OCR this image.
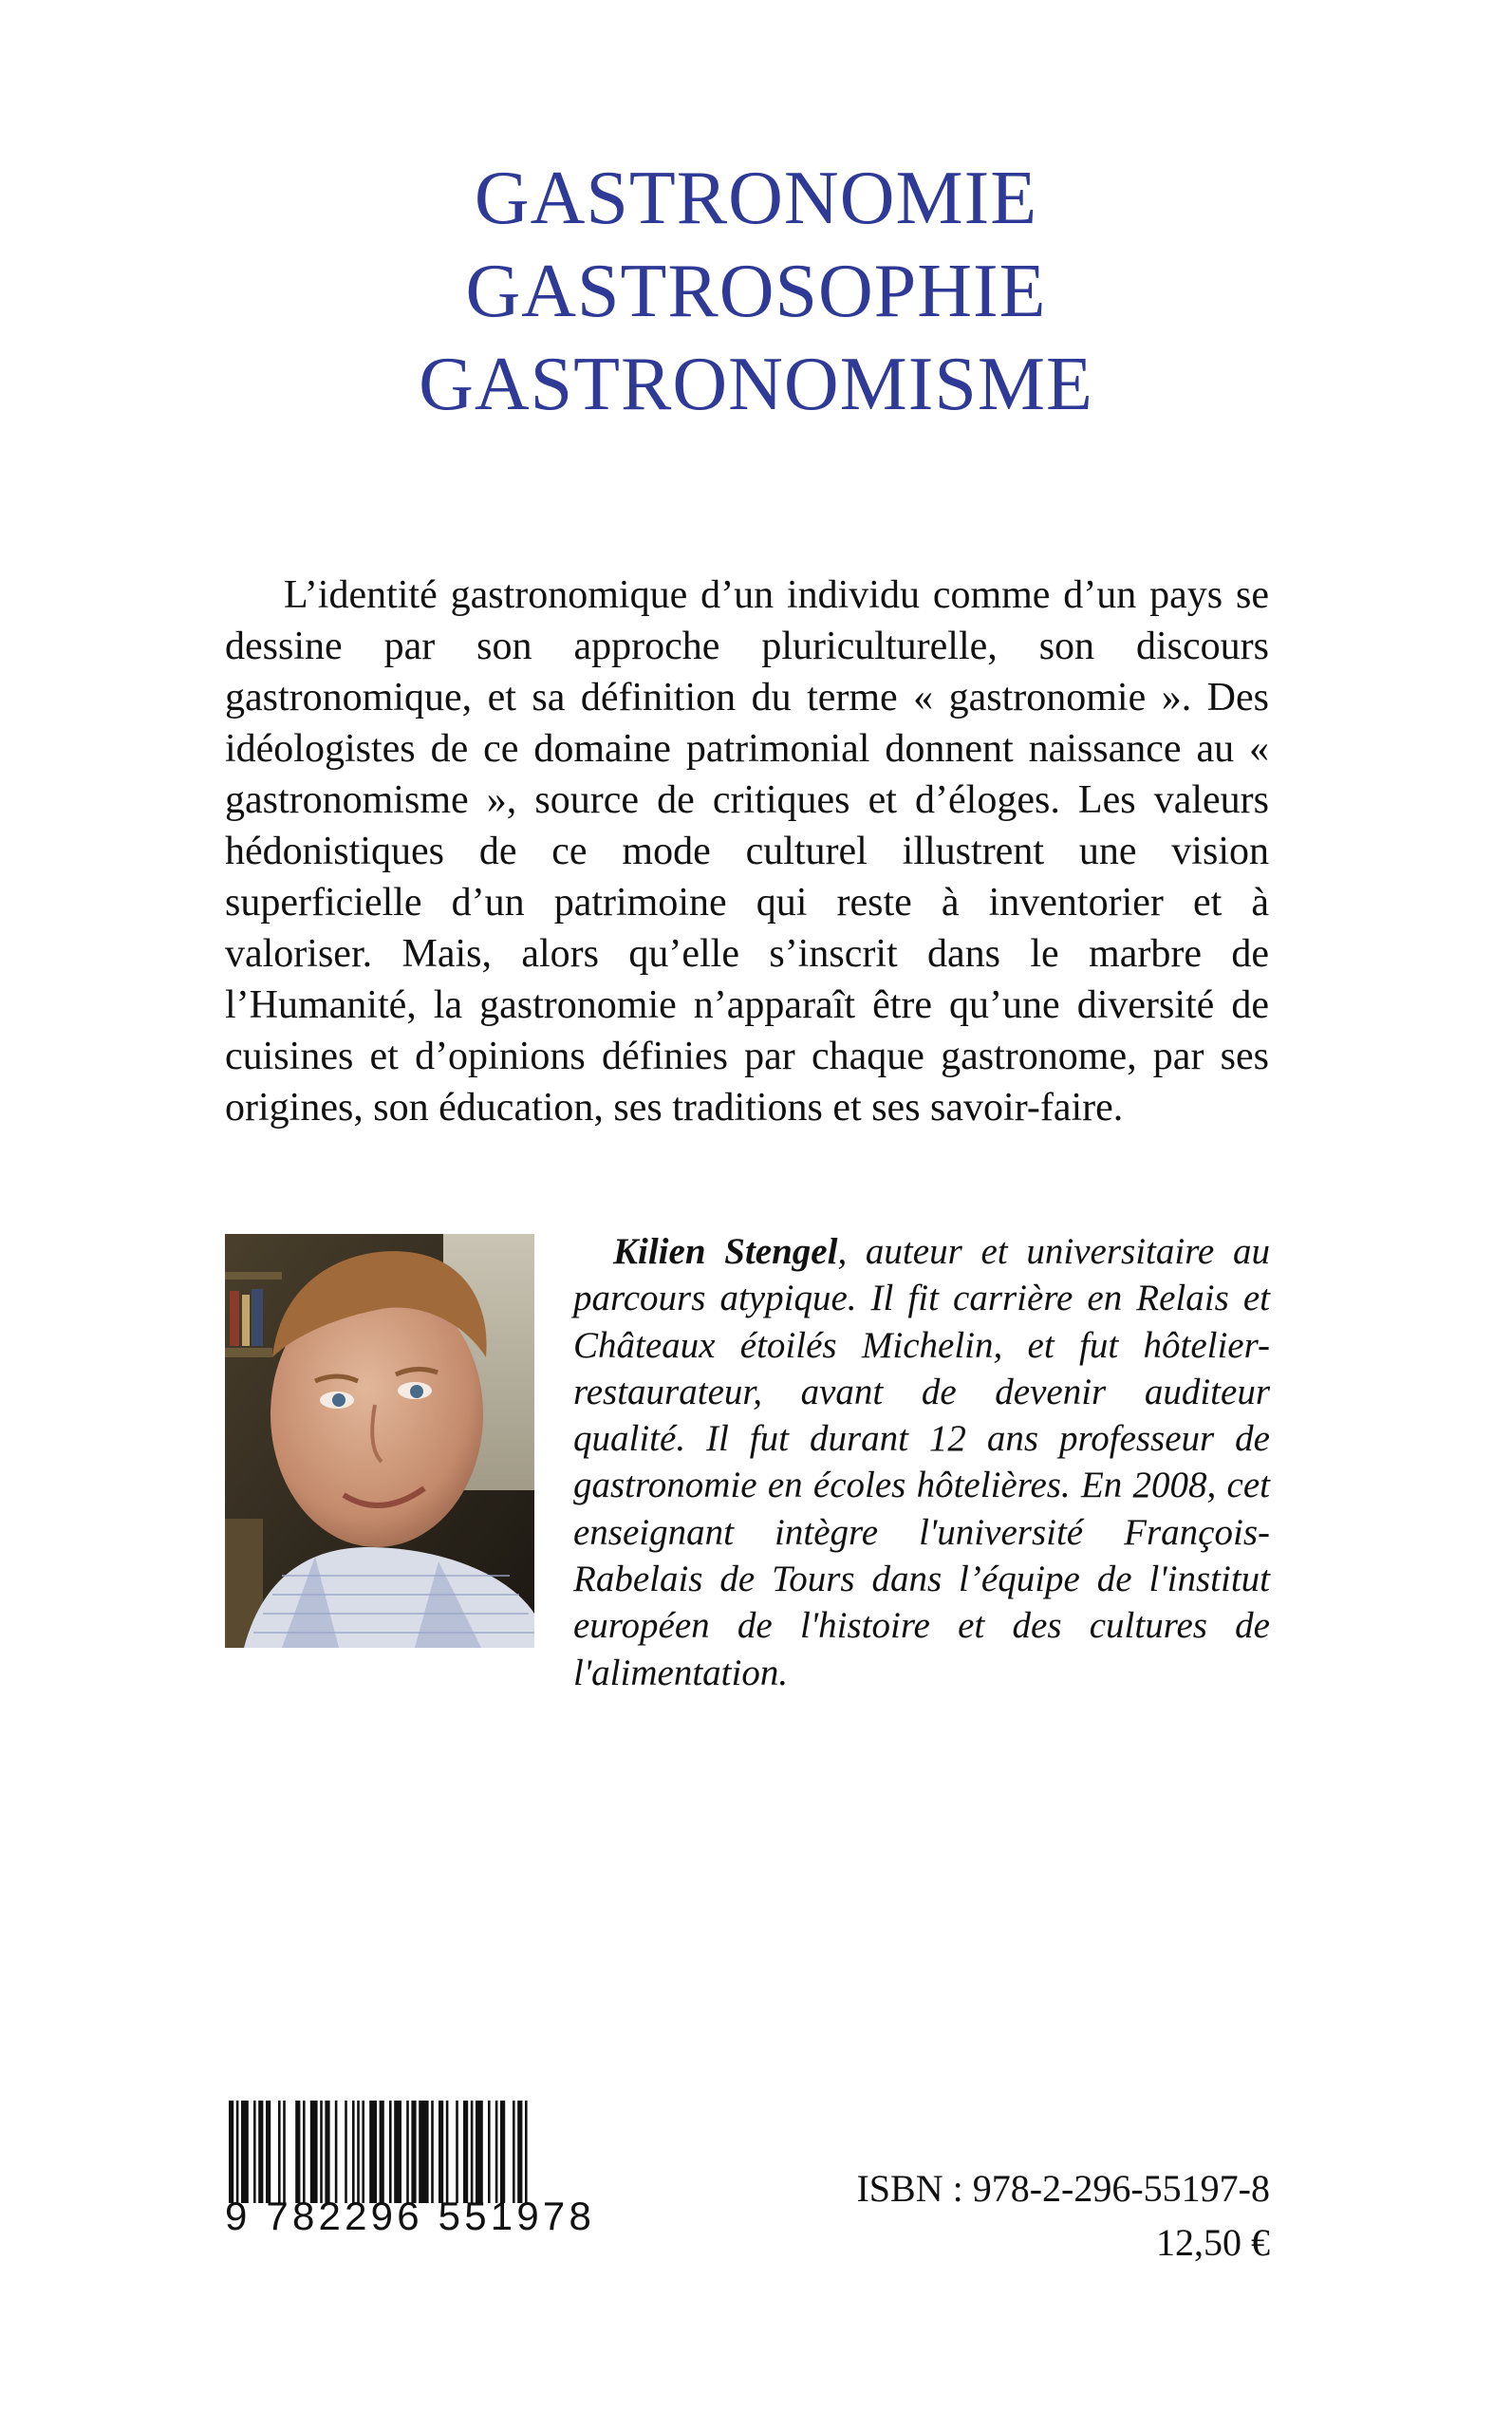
GASTRONOMIE
GASTROSOPHIE
GASTRONOMISME

L’identité gastronomique d’un individu comme d’un pays se dessine par son approche pluriculturelle, son discours gastronomique, et sa définition du terme « gastronomie ». Des idéologistes de ce domaine patrimonial donnent naissance au « gastronomisme », source de critiques et d’éloges. Les valeurs hédonistiques de ce mode culturel illustrent une vision superficielle d’un patrimoine qui reste à inventorier et à valoriser. Mais, alors qu’elle s’inscrit dans le marbre de l’Humanité, la gastronomie n’apparaît être qu’une diversité de cuisines et d’opinions définies par chaque gastronome, par ses origines, son éducation, ses traditions et ses savoir-faire.

Kilien Stengel, auteur et universitaire au parcours atypique. Il fit carrière en Relais et Châteaux étoilés Michelin, et fut hôtelier-restaurateur, avant de devenir auditeur qualité. Il fut durant 12 ans professeur de gastronomie en écoles hôtelières. En 2008, cet enseignant intègre l'université François-Rabelais de Tours dans l’équipe de l'institut européen de l'histoire et des cultures de l'alimentation.

9 782296 551978
ISBN : 978-2-296-55197-8
12,50 €
